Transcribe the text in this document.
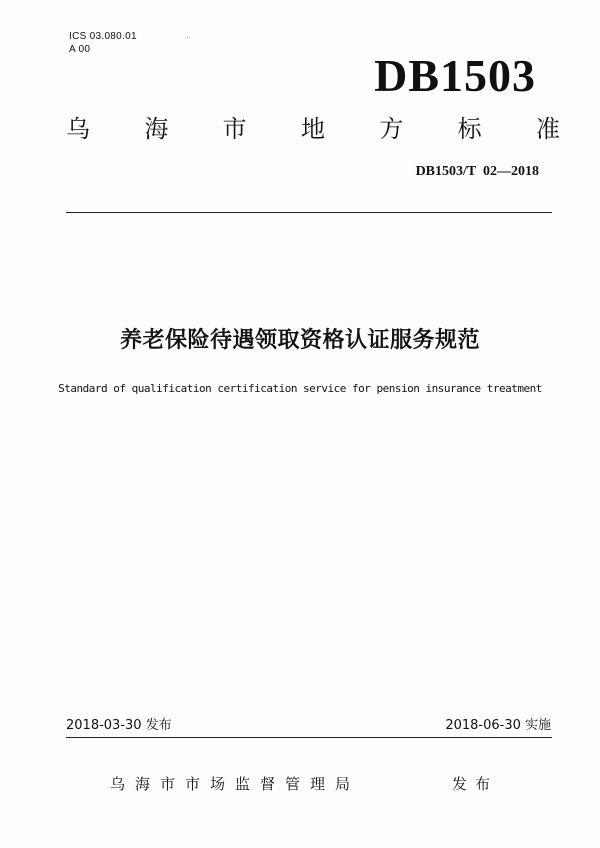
ICS 03.080.01
A 00
DB1503
乌 海 市 地 方 标 准
DB1503/T  02—2018
养老保险待遇领取资格认证服务规范
Standard of qualification certification service for pension insurance treatment
2018-03-30 发布	2018-06-30 实施
乌海市市场监督管理局	发布
